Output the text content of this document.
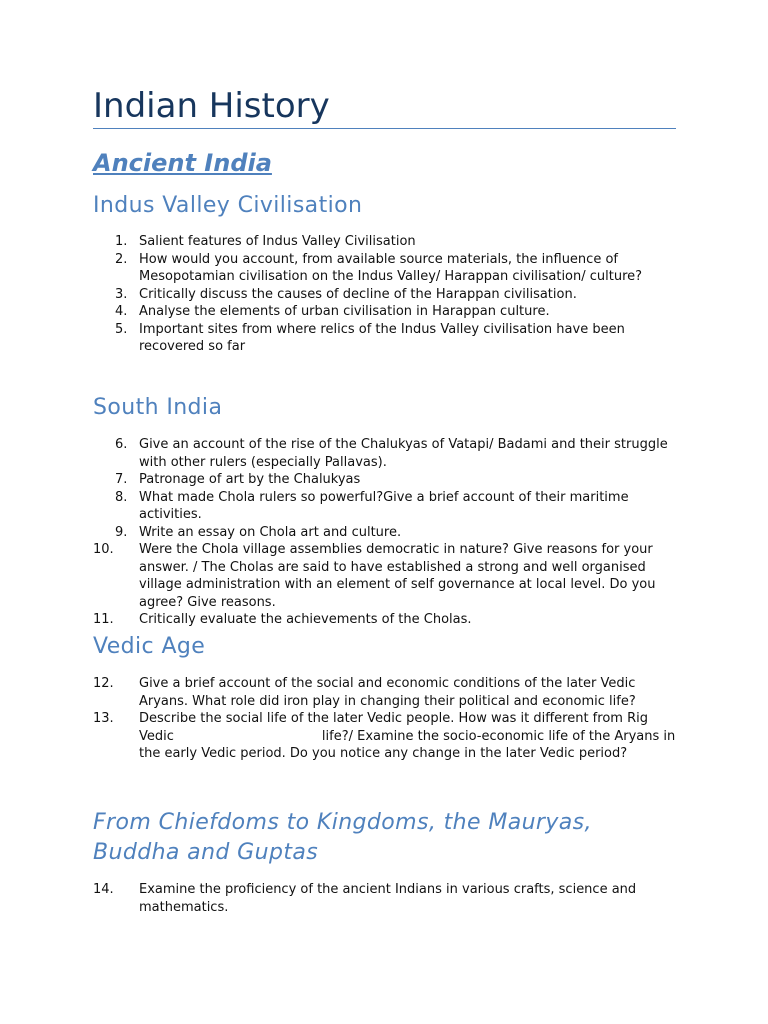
Indian History
Ancient India
Indus Valley Civilisation
1. Salient features of Indus Valley Civilisation
2. How would you account, from available source materials, the influence of Mesopotamian civilisation on the Indus Valley/ Harappan civilisation/ culture?
3. Critically discuss the causes of decline of the Harappan civilisation.
4. Analyse the elements of urban civilisation in Harappan culture.
5. Important sites from where relics of the Indus Valley civilisation have been recovered so far
South India
6. Give an account of the rise of the Chalukyas of Vatapi/ Badami and their struggle with other rulers (especially Pallavas).
7. Patronage of art by the Chalukyas
8. What made Chola rulers so powerful?Give a brief account of their maritime activities.
9. Write an essay on Chola art and culture.
10.	Were the Chola village assemblies democratic in nature? Give reasons for your answer. / The Cholas are said to have established a strong and well organised village administration with an element of self governance at local level. Do you agree? Give reasons.
11. Critically evaluate the achievements of the Cholas.
Vedic Age
12. Give a brief account of the social and economic conditions of the later Vedic Aryans. What role did iron play in changing their political and economic life?
13. Describe the social life of the later Vedic people. How was it different from Rig Vedic	life?/ Examine the socio-economic life of the Aryans in the early Vedic period. Do you notice any change in the later Vedic period?
From Chiefdoms to Kingdoms, the Mauryas, Buddha and Guptas
14. Examine the proficiency of the ancient Indians in various crafts, science and mathematics.
